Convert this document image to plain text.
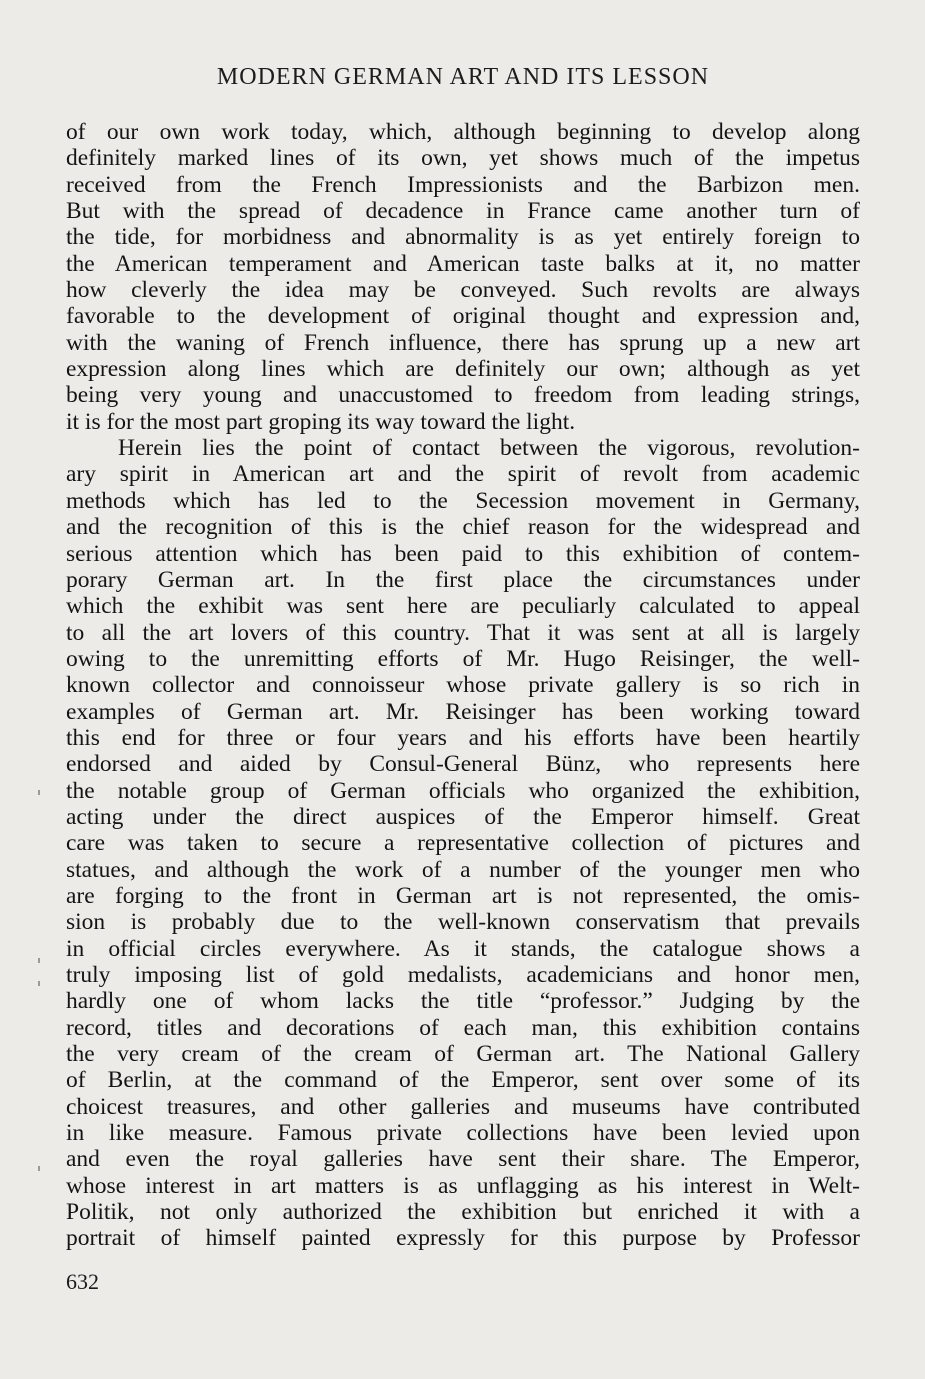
MODERN GERMAN ART AND ITS LESSON
of our own work today, which, although beginning to develop along
definitely marked lines of its own, yet shows much of the impetus
received from the French Impressionists and the Barbizon men.
But with the spread of decadence in France came another turn of
the tide, for morbidness and abnormality is as yet entirely foreign to
the American temperament and American taste balks at it, no matter
how cleverly the idea may be conveyed. Such revolts are always
favorable to the development of original thought and expression and,
with the waning of French influence, there has sprung up a new art
expression along lines which are definitely our own; although as yet
being very young and unaccustomed to freedom from leading strings,
it is for the most part groping its way toward the light.
Herein lies the point of contact between the vigorous, revolution-
ary spirit in American art and the spirit of revolt from academic
methods which has led to the Secession movement in Germany,
and the recognition of this is the chief reason for the widespread and
serious attention which has been paid to this exhibition of contem-
porary German art. In the first place the circumstances under
which the exhibit was sent here are peculiarly calculated to appeal
to all the art lovers of this country. That it was sent at all is largely
owing to the unremitting efforts of Mr. Hugo Reisinger, the well-
known collector and connoisseur whose private gallery is so rich in
examples of German art. Mr. Reisinger has been working toward
this end for three or four years and his efforts have been heartily
endorsed and aided by Consul-General Bünz, who represents here
the notable group of German officials who organized the exhibition,
acting under the direct auspices of the Emperor himself. Great
care was taken to secure a representative collection of pictures and
statues, and although the work of a number of the younger men who
are forging to the front in German art is not represented, the omis-
sion is probably due to the well-known conservatism that prevails
in official circles everywhere. As it stands, the catalogue shows a
truly imposing list of gold medalists, academicians and honor men,
hardly one of whom lacks the title “professor.” Judging by the
record, titles and decorations of each man, this exhibition contains
the very cream of the cream of German art. The National Gallery
of Berlin, at the command of the Emperor, sent over some of its
choicest treasures, and other galleries and museums have contributed
in like measure. Famous private collections have been levied upon
and even the royal galleries have sent their share. The Emperor,
whose interest in art matters is as unflagging as his interest in Welt-
Politik, not only authorized the exhibition but enriched it with a
portrait of himself painted expressly for this purpose by Professor
632
